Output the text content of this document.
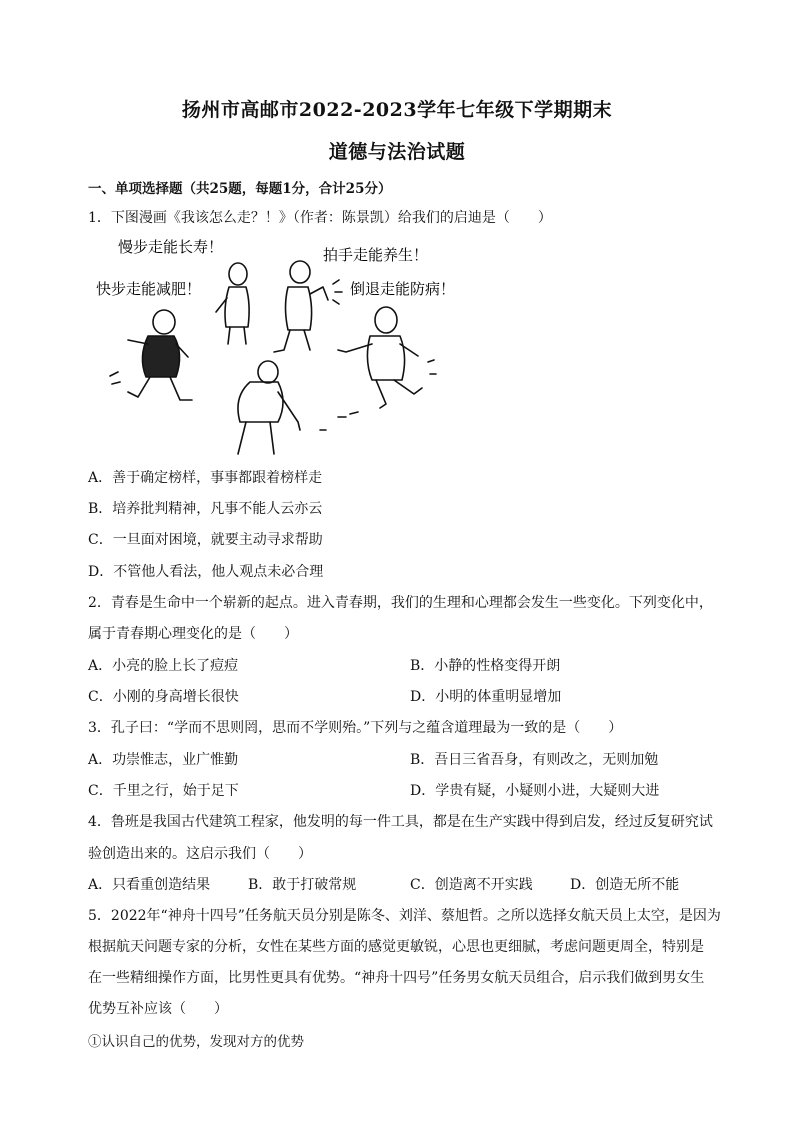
扬州市高邮市2022-2023学年七年级下学期期末
道德与法治试题
一、单项选择题（共25题，每题1分，合计25分）
1．下图漫画《我该怎么走？！》（作者：陈景凯）给我们的启迪是（　　）
慢步走能长寿！	拍手走能养生！
快步走能减肥！	倒退走能防病！
A．善于确定榜样，事事都跟着榜样走
B．培养批判精神，凡事不能人云亦云
C．一旦面对困境，就要主动寻求帮助
D．不管他人看法，他人观点未必合理
2．青春是生命中一个崭新的起点。进入青春期，我们的生理和心理都会发生一些变化。下列变化中，
属于青春期心理变化的是（　　）
A．小亮的脸上长了痘痘	B．小静的性格变得开朗
C．小刚的身高增长很快	D．小明的体重明显增加
3．孔子曰：“学而不思则罔，思而不学则殆。”下列与之蕴含道理最为一致的是（　　）
A．功崇惟志，业广惟勤	B．吾日三省吾身，有则改之，无则加勉
C．千里之行，始于足下	D．学贵有疑，小疑则小进，大疑则大进
4．鲁班是我国古代建筑工程家，他发明的每一件工具，都是在生产实践中得到启发，经过反复研究试
验创造出来的。这启示我们（　　）
A．只看重创造结果	B．敢于打破常规	C．创造离不开实践	D．创造无所不能
5．2022年“神舟十四号”任务航天员分别是陈冬、刘洋、蔡旭哲。之所以选择女航天员上太空，是因为
根据航天问题专家的分析，女性在某些方面的感觉更敏锐，心思也更细腻，考虑问题更周全，特别是
在一些精细操作方面，比男性更具有优势。“神舟十四号”任务男女航天员组合，启示我们做到男女生
优势互补应该（　　）
①认识自己的优势，发现对方的优势
